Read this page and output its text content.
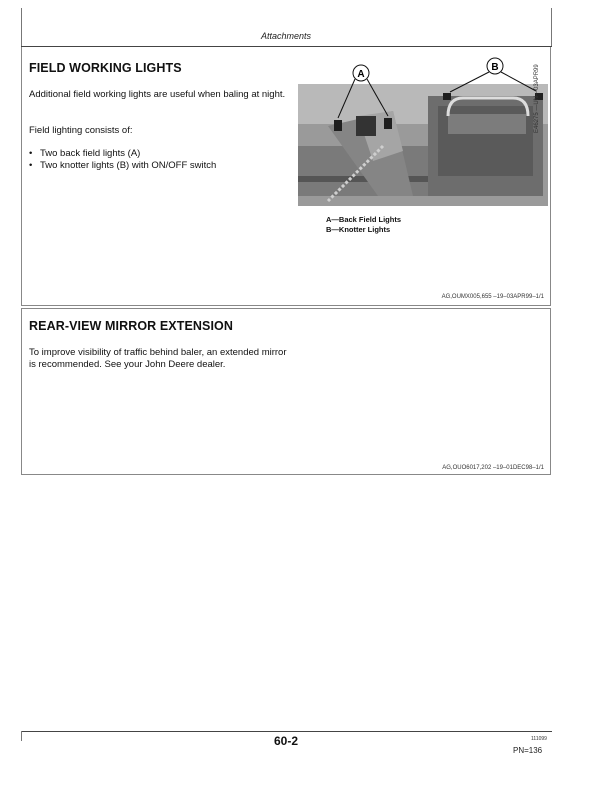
Attachments
FIELD WORKING LIGHTS
Additional field working lights are useful when baling at night.
Field lighting consists of:
• Two back field lights (A)
• Two knotter lights (B) with ON/OFF switch
A
B	E46275 —UN—03APR99
A—Back Field Lights
B—Knotter Lights
AG,OUMX005,655 –19–03APR99–1/1
REAR-VIEW MIRROR EXTENSION
To improve visibility of traffic behind baler, an extended mirror is recommended. See your John Deere dealer.
AG,OUO6017,202 –19–01DEC98–1/1
60-2	111099
PN=136
